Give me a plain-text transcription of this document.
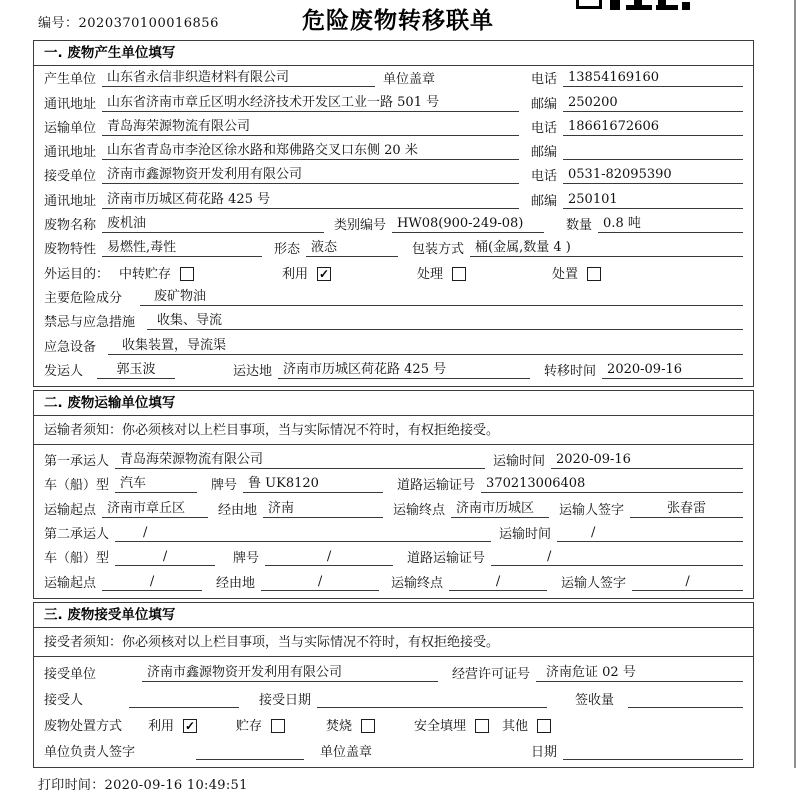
编号：2020370100016856	危险废物转移联单
一. 废物产生单位填写
产生单位 山东省永信非织造材料有限公司	单位盖章	电话 13854169160
通讯地址 山东省济南市章丘区明水经济技术开发区工业一路 501 号	邮编 250200
运输单位 青岛海荣源物流有限公司	电话 18661672606
通讯地址 山东省青岛市李沧区徐水路和郑佛路交叉口东侧 20 米	邮编
接受单位 济南市鑫源物资开发利用有限公司	电话 0531-82095390
通讯地址 济南市历城区荷花路 425 号	邮编 250101
废物名称 废机油	类别编号 HW08(900-249-08)	数量 0.8 吨
废物特性 易燃性,毒性	形态 液态	包装方式 桶(金属,数量 4 )
外运目的： 中转贮存	利用 ✓	处理	处置
主要危险成分	废矿物油
禁忌与应急措施	收集、导流
应急设备	收集装置，导流渠
发运人	郭玉波	运达地 济南市历城区荷花路 425 号	转移时间 2020-09-16
二. 废物运输单位填写
运输者须知：你必须核对以上栏目事项，当与实际情况不符时，有权拒绝接受。
第一承运人 青岛海荣源物流有限公司	运输时间 2020-09-16
车（船）型 汽车	牌号 鲁 UK8120	道路运输证号 370213006408
运输起点 济南市章丘区	经由地 济南	运输终点 济南市历城区	运输人签字	张春雷
第二承运人	/	运输时间	/
车（船）型	/	牌号	/	道路运输证号	/
运输起点	/	经由地	/	运输终点	/	运输人签字	/
三. 废物接受单位填写
接受者须知：你必须核对以上栏目事项，当与实际情况不符时，有权拒绝接受。
接受单位	济南市鑫源物资开发利用有限公司	经营许可证号	济南危证 02 号
接受人	接受日期	签收量
废物处置方式 利用 ✓	贮存	焚烧	安全填埋	其他
单位负责人签字	单位盖章	日期
打印时间：2020-09-16 10:49:51
